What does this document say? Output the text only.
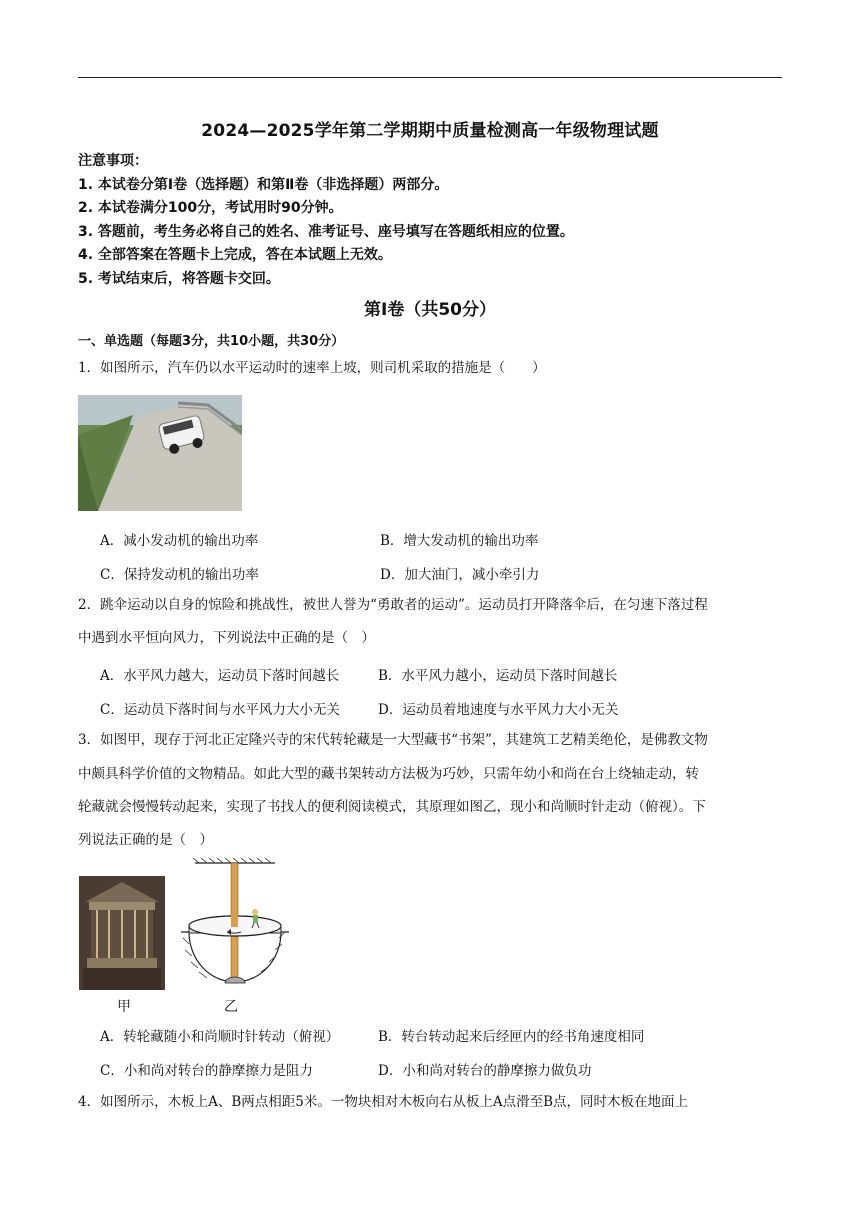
2024—2025学年第二学期期中质量检测高一年级物理试题
注意事项：
1. 本试卷分第Ⅰ卷（选择题）和第Ⅱ卷（非选择题）两部分。
2. 本试卷满分100分，考试用时90分钟。
3. 答题前，考生务必将自己的姓名、准考证号、座号填写在答题纸相应的位置。
4. 全部答案在答题卡上完成，答在本试题上无效。
5. 考试结束后，将答题卡交回。
第Ⅰ卷（共50分）
一、单选题（每题3分，共10小题，共30分）
1．如图所示，汽车仍以水平运动时的速率上坡，则司机采取的措施是（　　）
A．减小发动机的输出功率	B．增大发动机的输出功率
C．保持发动机的输出功率	D．加大油门，减小牵引力
2．跳伞运动以自身的惊险和挑战性，被世人誉为“勇敢者的运动”。运动员打开降落伞后，在匀速下落过程
中遇到水平恒向风力，下列说法中正确的是（　）
A．水平风力越大，运动员下落时间越长	B．水平风力越小，运动员下落时间越长
C．运动员下落时间与水平风力大小无关	D．运动员着地速度与水平风力大小无关
3．如图甲，现存于河北正定隆兴寺的宋代转轮藏是一大型藏书“书架”，其建筑工艺精美绝伦，是佛教文物
中颇具科学价值的文物精品。如此大型的藏书架转动方法极为巧妙，只需年幼小和尚在台上绕轴走动，转
轮藏就会慢慢转动起来，实现了书找人的便利阅读模式，其原理如图乙，现小和尚顺时针走动（俯视）。下
列说法正确的是（　）
甲	乙
A．转轮藏随小和尚顺时针转动（俯视）	B．转台转动起来后经匣内的经书角速度相同
C．小和尚对转台的静摩擦力是阻力	D．小和尚对转台的静摩擦力做负功
4．如图所示，木板上A、B两点相距5米。一物块相对木板向右从板上A点滑至B点，同时木板在地面上
